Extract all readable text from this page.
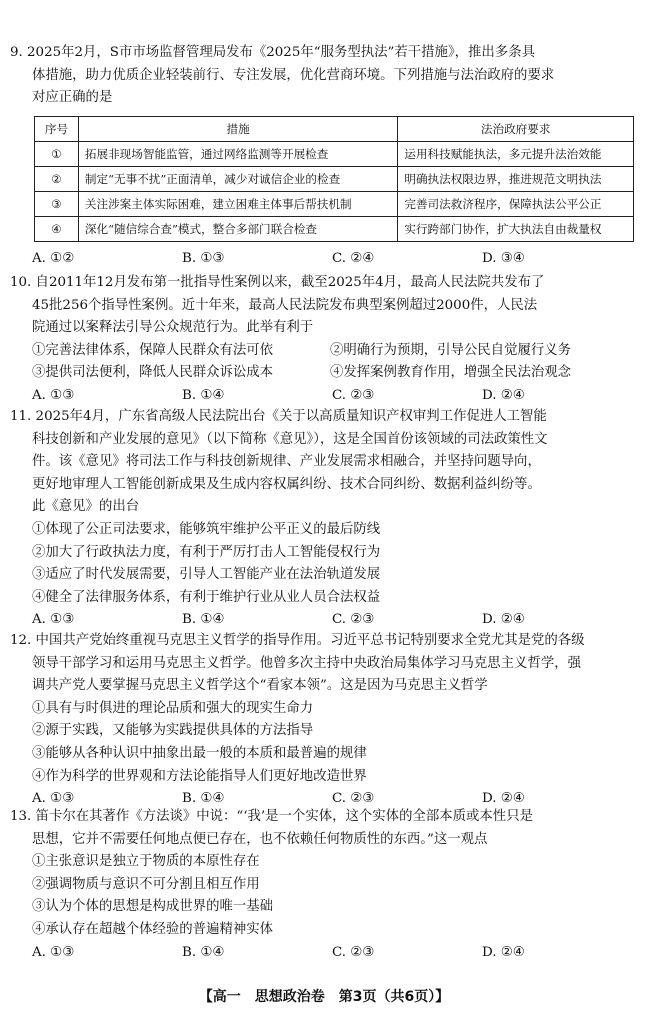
9. 2025年2月，S市市场监督管理局发布《2025年“服务型执法”若干措施》，推出多条具
体措施，助力优质企业轻装前行、专注发展，优化营商环境。下列措施与法治政府的要求
对应正确的是
序号	措施	法治政府要求
①	拓展非现场智能监管，通过网络监测等开展检查	运用科技赋能执法，多元提升法治效能
②	制定“无事不扰”正面清单，减少对诚信企业的检查	明确执法权限边界，推进规范文明执法
③	关注涉案主体实际困难，建立困难主体事后帮扶机制	完善司法救济程序，保障执法公平公正
④	深化“随信综合查”模式，整合多部门联合检查	实行跨部门协作，扩大执法自由裁量权
A. ①②	B. ①③	C. ②④	D. ③④
10. 自2011年12月发布第一批指导性案例以来，截至2025年4月，最高人民法院共发布了
45批256个指导性案例。近十年来，最高人民法院发布典型案例超过2000件，人民法
院通过以案释法引导公众规范行为。此举有利于
①完善法律体系，保障人民群众有法可依	②明确行为预期，引导公民自觉履行义务
③提供司法便利，降低人民群众诉讼成本	④发挥案例教育作用，增强全民法治观念
A. ①③	B. ①④	C. ②③	D. ②④
11. 2025年4月，广东省高级人民法院出台《关于以高质量知识产权审判工作促进人工智能
科技创新和产业发展的意见》（以下简称《意见》），这是全国首份该领域的司法政策性文
件。该《意见》将司法工作与科技创新规律、产业发展需求相融合，并坚持问题导向，
更好地审理人工智能创新成果及生成内容权属纠纷、技术合同纠纷、数据利益纠纷等。
此《意见》的出台
①体现了公正司法要求，能够筑牢维护公平正义的最后防线
②加大了行政执法力度，有利于严厉打击人工智能侵权行为
③适应了时代发展需要，引导人工智能产业在法治轨道发展
④健全了法律服务体系，有利于维护行业从业人员合法权益
A. ①③	B. ①④	C. ②③	D. ②④
12. 中国共产党始终重视马克思主义哲学的指导作用。习近平总书记特别要求全党尤其是党的各级
领导干部学习和运用马克思主义哲学。他曾多次主持中央政治局集体学习马克思主义哲学，强
调共产党人要掌握马克思主义哲学这个“看家本领”。这是因为马克思主义哲学
①具有与时俱进的理论品质和强大的现实生命力
②源于实践，又能够为实践提供具体的方法指导
③能够从各种认识中抽象出最一般的本质和最普遍的规律
④作为科学的世界观和方法论能指导人们更好地改造世界
A. ①③	B. ①④	C. ②③	D. ②④
13. 笛卡尔在其著作《方法谈》中说：“‘我’是一个实体，这个实体的全部本质或本性只是
思想，它并不需要任何地点便已存在，也不依赖任何物质性的东西。”这一观点
①主张意识是独立于物质的本原性存在
②强调物质与意识不可分割且相互作用
③认为个体的思想是构成世界的唯一基础
④承认存在超越个体经验的普遍精神实体
A. ①③	B. ①④	C. ②③	D. ②④
【高一　思想政治卷　第3页（共6页）】
